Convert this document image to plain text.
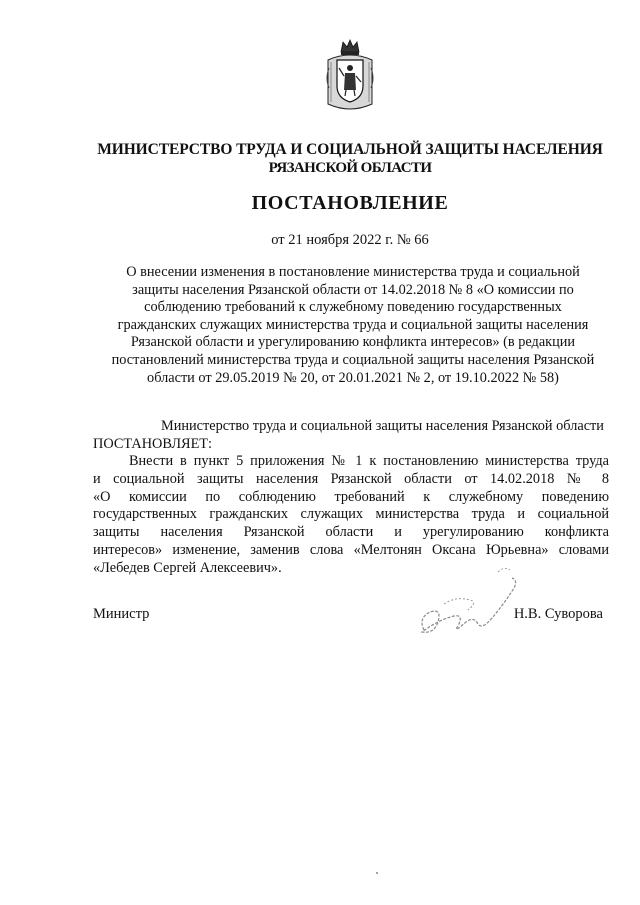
МИНИСТЕРСТВО ТРУДА И СОЦИАЛЬНОЙ ЗАЩИТЫ НАСЕЛЕНИЯ

РЯЗАНСКОЙ ОБЛАСТИ
ПОСТАНОВЛЕНИЕ
от 21 ноября 2022 г. № 66
О внесении изменения в постановление министерства труда и социальной
защиты населения Рязанской области от 14.02.2018 № 8 «О комиссии по
соблюдению требований к служебному поведению государственных
гражданских служащих министерства труда и социальной защиты населения
Рязанской области и урегулированию конфликта интересов» (в редакции
постановлений министерства труда и социальной защиты населения Рязанской
области от 29.05.2019 № 20, от 20.01.2021 № 2, от 19.10.2022 № 58)
Министерство труда и социальной защиты населения Рязанской области
ПОСТАНОВЛЯЕТ:
Внести в пункт 5 приложения № 1 к постановлению министерства труда
и социальной защиты населения Рязанской области от 14.02.2018 № 8
«О комиссии по соблюдению требований к служебному поведению
государственных гражданских служащих министерства труда и социальной
защиты населения Рязанской области и урегулированию конфликта
интересов» изменение, заменив слова «Мелтонян Оксана Юрьевна» словами
«Лебедев Сергей Алексеевич».
Министр	Н.В. Суворова
